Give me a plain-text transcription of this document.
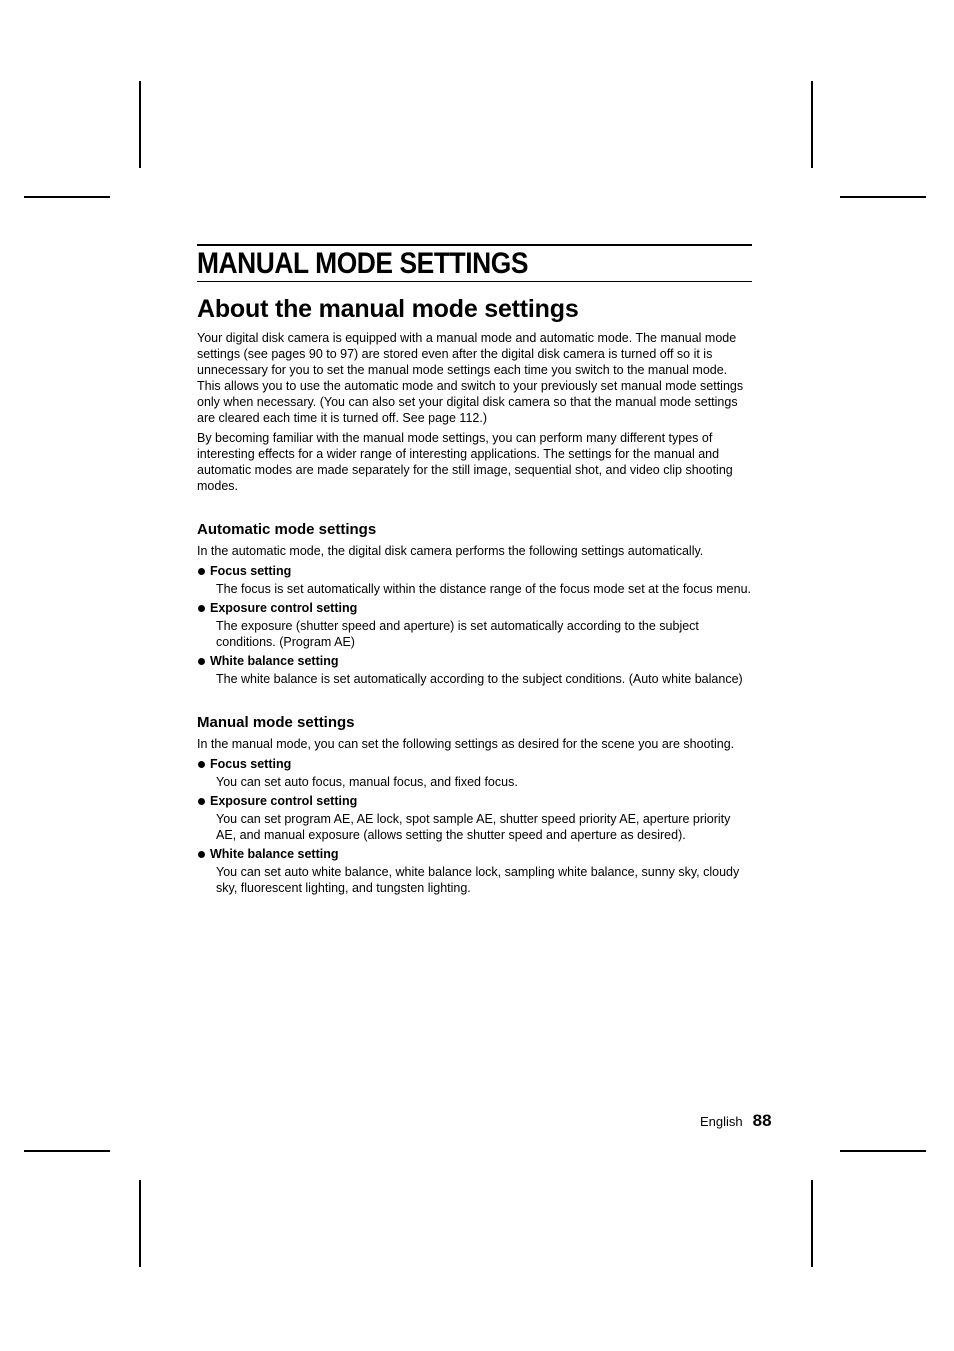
MANUAL MODE SETTINGS
About the manual mode settings

Your digital disk camera is equipped with a manual mode and automatic mode. The manual mode settings (see pages 90 to 97) are stored even after the digital disk camera is turned off so it is unnecessary for you to set the manual mode settings each time you switch to the manual mode. This allows you to use the automatic mode and switch to your previously set manual mode settings only when necessary. (You can also set your digital disk camera so that the manual mode settings are cleared each time it is turned off. See page 112.)

By becoming familiar with the manual mode settings, you can perform many different types of interesting effects for a wider range of interesting applications. The settings for the manual and automatic modes are made separately for the still image, sequential shot, and video clip shooting modes.

Automatic mode settings

In the automatic mode, the digital disk camera performs the following settings automatically.

Focus setting
The focus is set automatically within the distance range of the focus mode set at the focus menu.
Exposure control setting
The exposure (shutter speed and aperture) is set automatically according to the subject conditions. (Program AE)
White balance setting
The white balance is set automatically according to the subject conditions. (Auto white balance)
Manual mode settings

In the manual mode, you can set the following settings as desired for the scene you are shooting.

Focus setting
You can set auto focus, manual focus, and fixed focus.
Exposure control setting
You can set program AE, AE lock, spot sample AE, shutter speed priority AE, aperture priority AE, and manual exposure (allows setting the shutter speed and aperture as desired).
White balance setting
You can set auto white balance, white balance lock, sampling white balance, sunny sky, cloudy sky, fluorescent lighting, and tungsten lighting.
English 88
